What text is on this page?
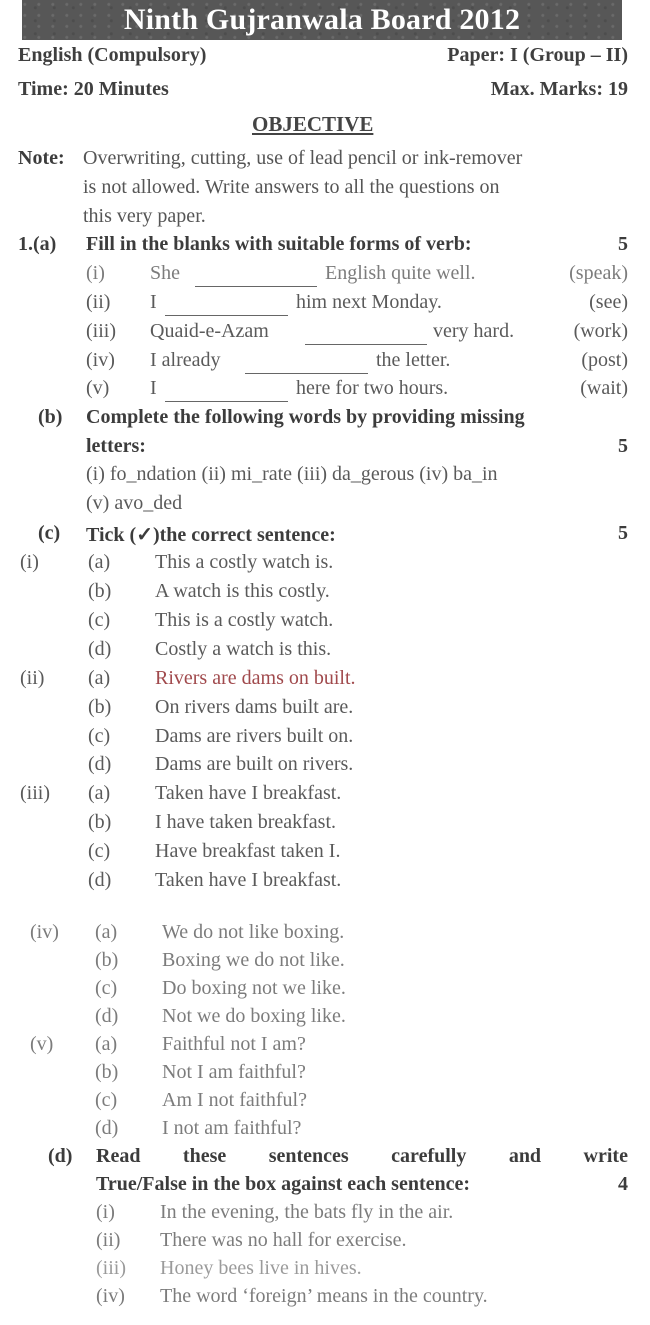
Ninth Gujranwala Board 2012
English (Compulsory)	Paper: I (Group – II)
Time: 20 Minutes	Max. Marks: 19
OBJECTIVE
Note: Overwriting, cutting, use of lead pencil or ink-remover
is not allowed. Write answers to all the questions on
this very paper.
1.(a) Fill in the blanks with suitable forms of verb:	5
(i) She	English quite well.	(speak)
(ii) I	him next Monday.	(see)
(iii) Quaid-e-Azam	very hard.	(work)
(iv) I already	the letter.	(post)
(v) I	here for two hours.	(wait)
(b) Complete the following words by providing missing
letters:	5
(i) fo_ndation (ii) mi_rate (iii) da_gerous (iv) ba_in
(v) avo_ded
(c) Tick (✓)the correct sentence:	5
(i) (a) This a costly watch is.
(b) A watch is this costly.
(c) This is a costly watch.
(d) Costly a watch is this.
(ii) (a) Rivers are dams on built.
(b) On rivers dams built are.
(c) Dams are rivers built on.
(d) Dams are built on rivers.
(iii) (a) Taken have I breakfast.
(b) I have taken breakfast.
(c) Have breakfast taken I.
(d) Taken have I breakfast.
(iv) (a) We do not like boxing.
(b) Boxing we do not like.
(c) Do boxing not we like.
(d) Not we do boxing like.
(v) (a) Faithful not I am?
(b) Not I am faithful?
(c) Am I not faithful?
(d) I not am faithful?
(d) Read these sentences carefully and write
True/False in the box against each sentence:	4
(i) In the evening, the bats fly in the air.
(ii) There was no hall for exercise.
(iii) Honey bees live in hives.
(iv) The word ‘foreign’ means in the country.
